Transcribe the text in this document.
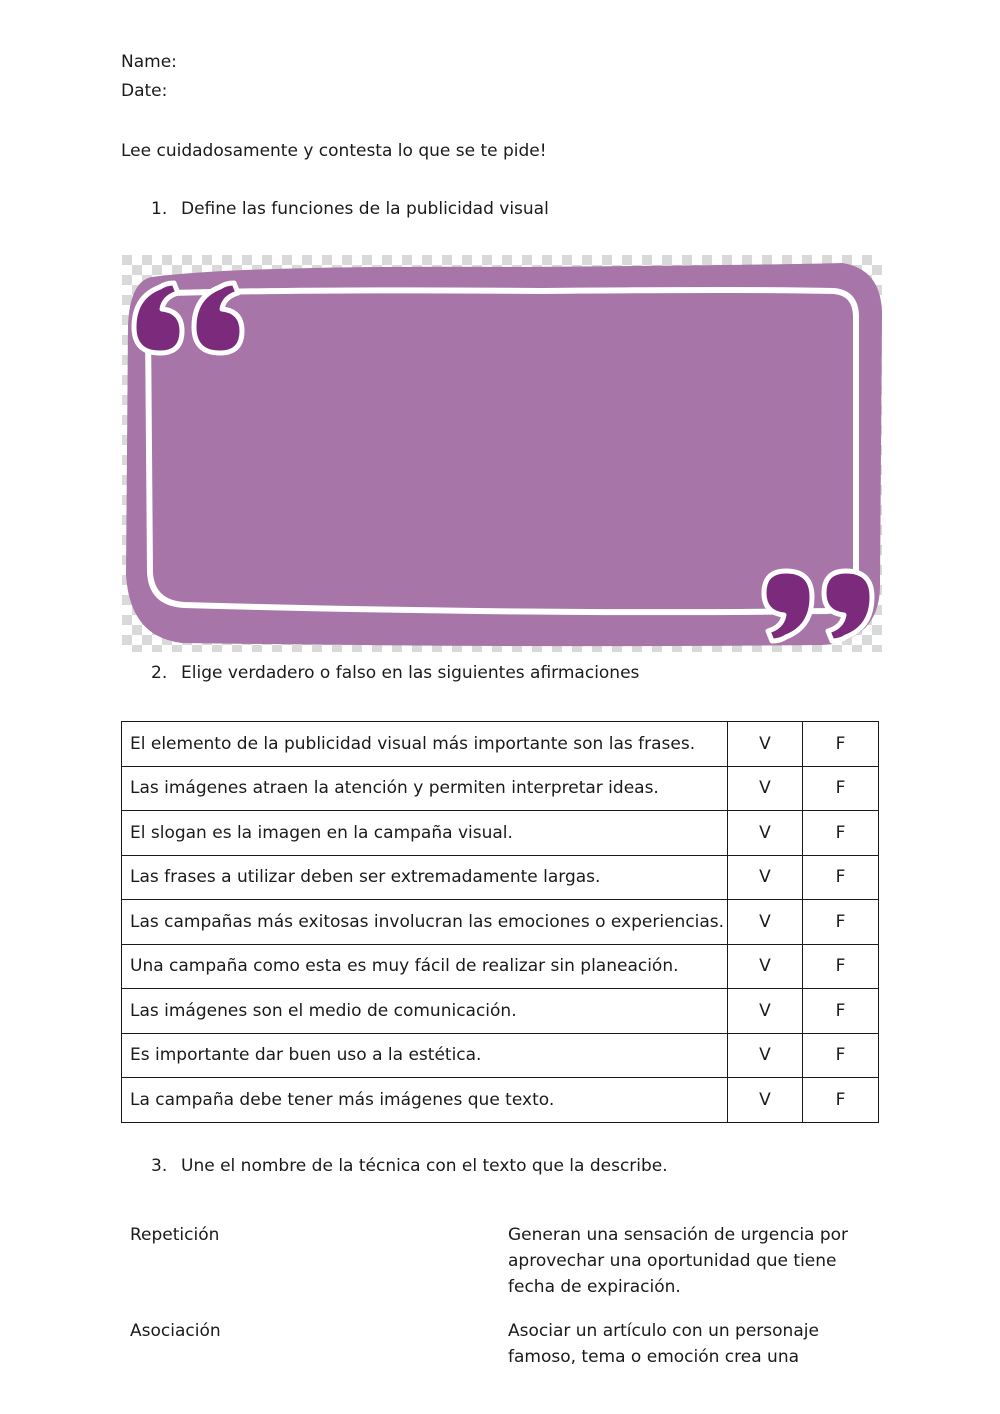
Name:
Date:
Lee cuidadosamente y contesta lo que se te pide!
1. Define las funciones de la publicidad visual
2. Elige verdadero o falso en las siguientes afirmaciones
El elemento de la publicidad visual más importante son las frases.	V	F
Las imágenes atraen la atención y permiten interpretar ideas.	V	F
El slogan es la imagen en la campaña visual.	V	F
Las frases a utilizar deben ser extremadamente largas.	V	F
Las campañas más exitosas involucran las emociones o experiencias.	V	F
Una campaña como esta es muy fácil de realizar sin planeación.	V	F
Las imágenes son el medio de comunicación.	V	F
Es importante dar buen uso a la estética.	V	F
La campaña debe tener más imágenes que texto.	V	F
3. Une el nombre de la técnica con el texto que la describe.
Repetición	Generan una sensación de urgencia por aprovechar una oportunidad que tiene fecha de expiración.
Asociación	Asociar un artículo con un personaje famoso, tema o emoción crea una
